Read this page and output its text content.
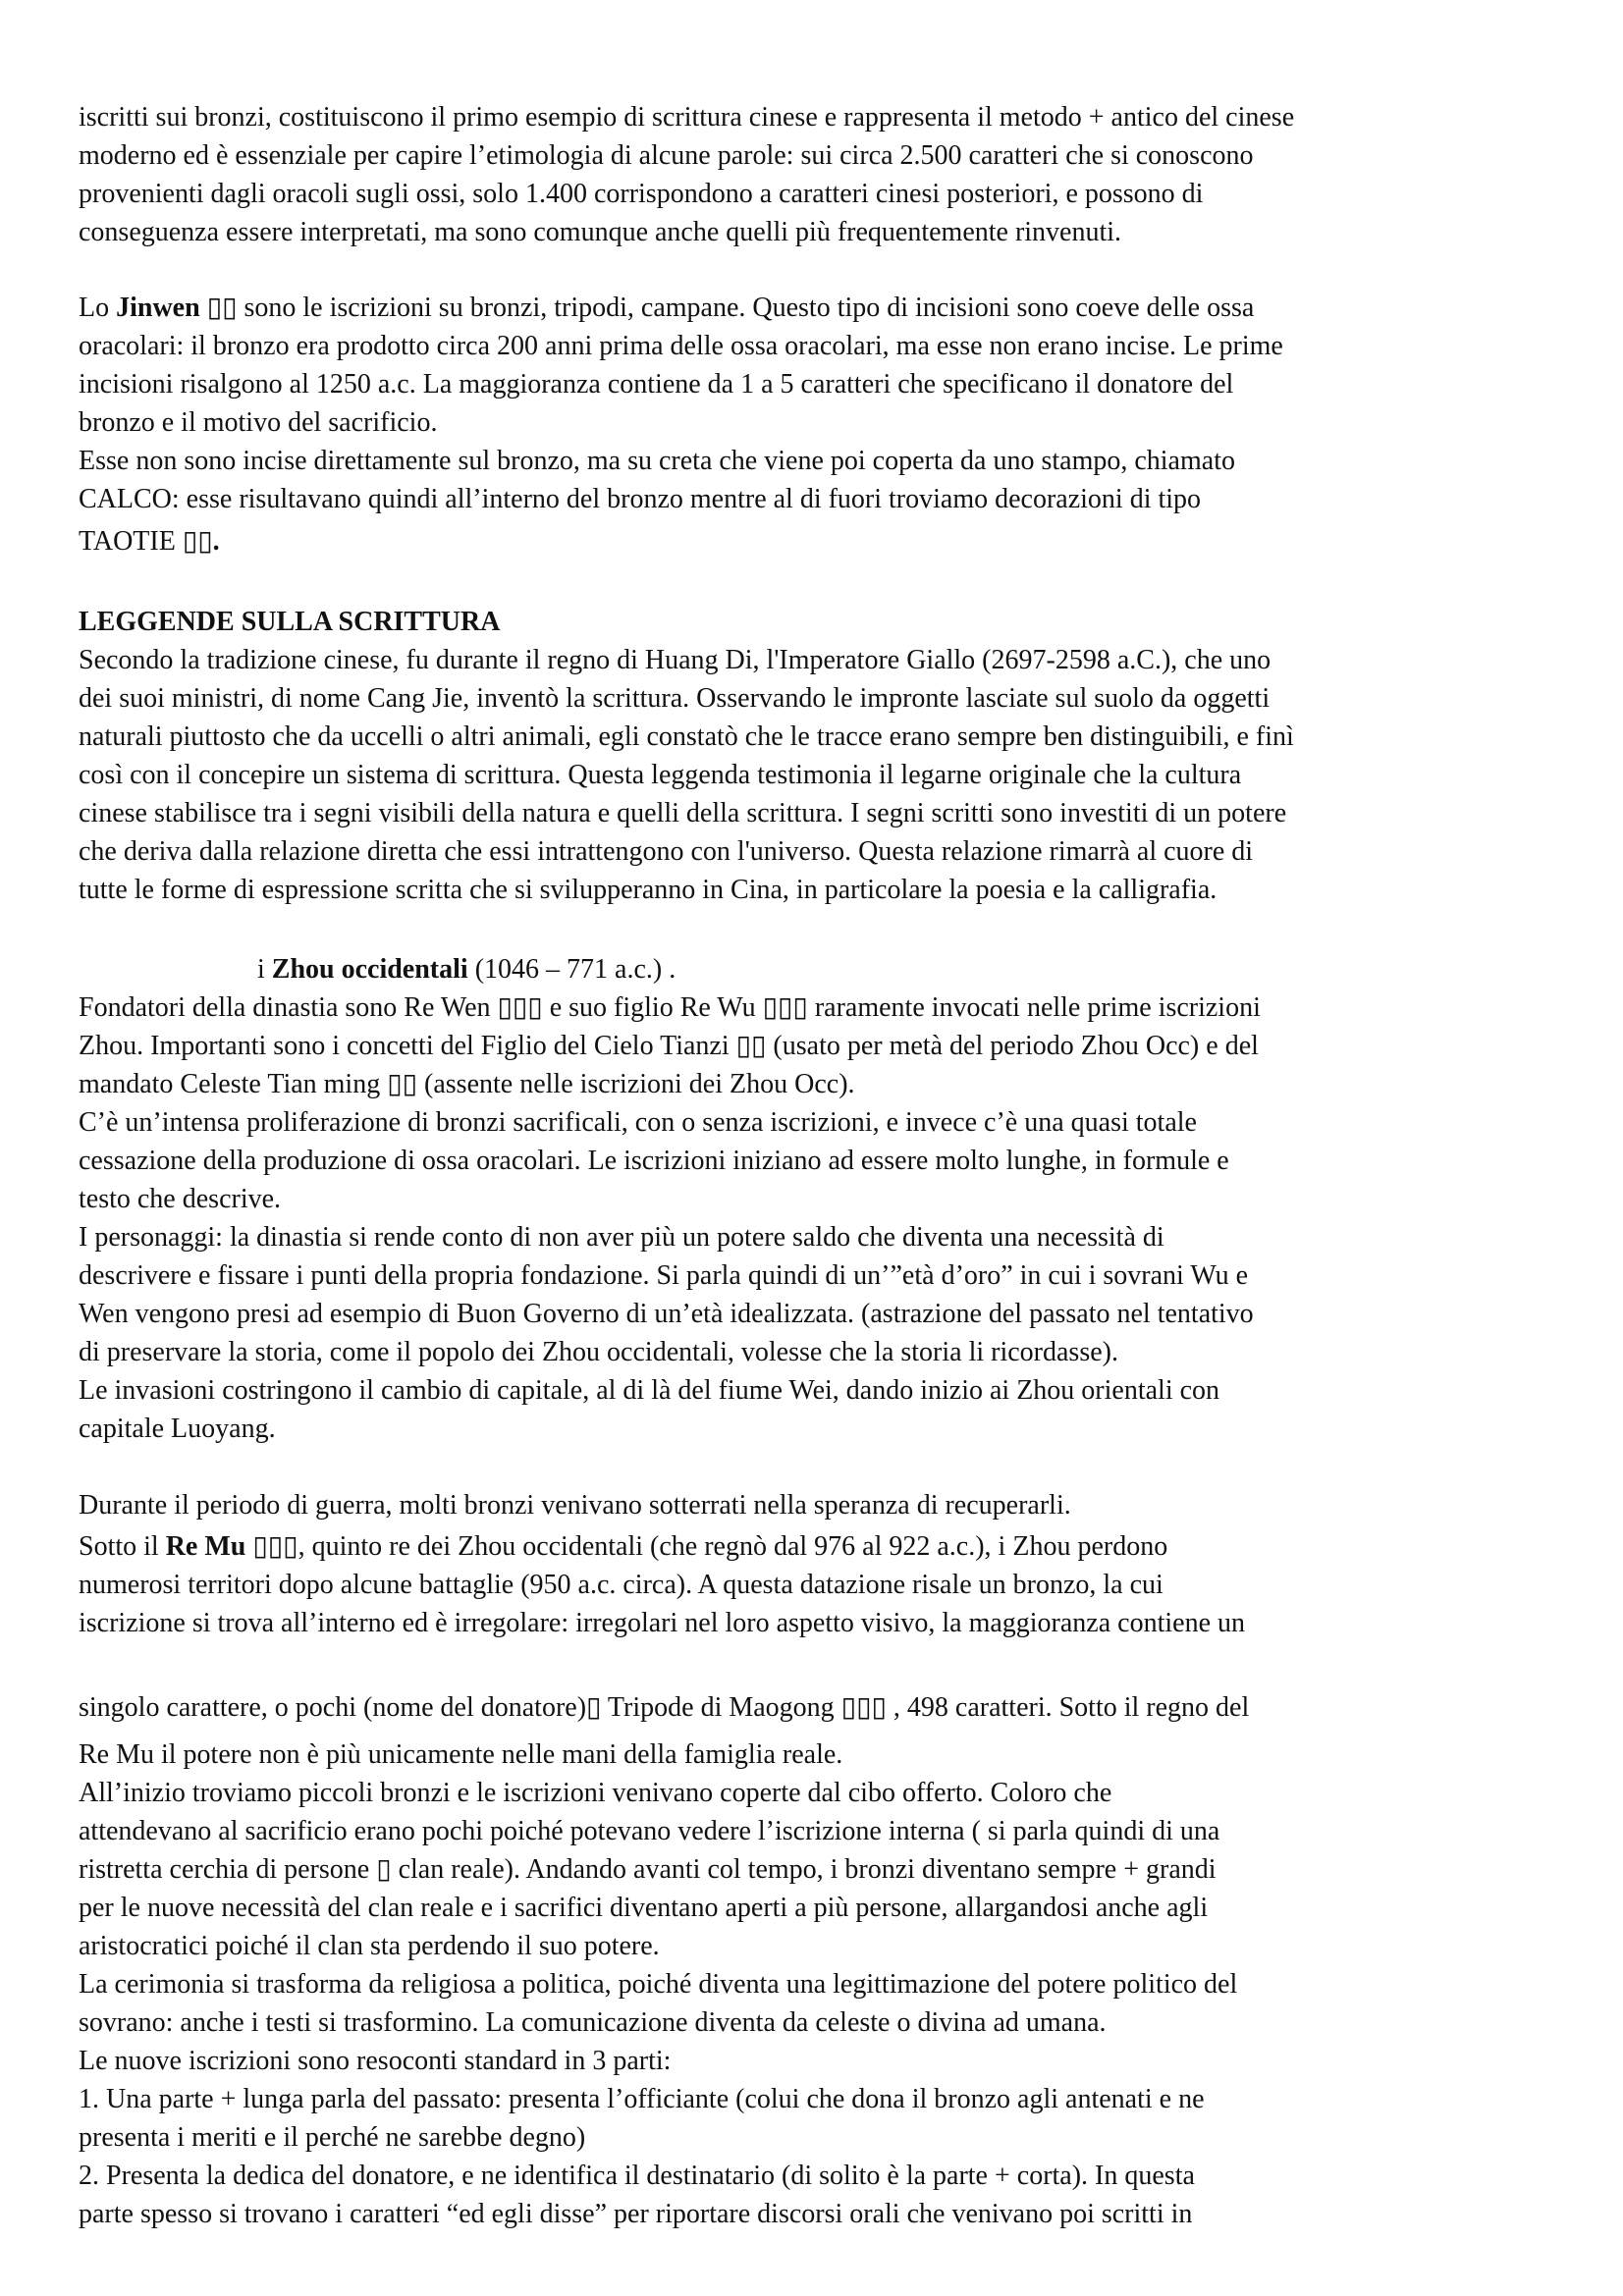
iscritti sui bronzi, costituiscono il primo esempio di scrittura cinese e rappresenta il metodo + antico del cinese
moderno ed è essenziale per capire l’etimologia di alcune parole: sui circa 2.500 caratteri che si conoscono
provenienti dagli oracoli sugli ossi, solo 1.400 corrispondono a caratteri cinesi posteriori, e possono di
conseguenza essere interpretati, ma sono comunque anche quelli più frequentemente rinvenuti.
Lo Jinwen ▯▯ sono le iscrizioni su bronzi, tripodi, campane. Questo tipo di incisioni sono coeve delle ossa
oracolari: il bronzo era prodotto circa 200 anni prima delle ossa oracolari, ma esse non erano incise. Le prime
incisioni risalgono al 1250 a.c. La maggioranza contiene da 1 a 5 caratteri che specificano il donatore del
bronzo e il motivo del sacrificio.
Esse non sono incise direttamente sul bronzo, ma su creta che viene poi coperta da uno stampo, chiamato
CALCO: esse risultavano quindi all’interno del bronzo mentre al di fuori troviamo decorazioni di tipo
TAOTIE ▯▯.
LEGGENDE SULLA SCRITTURA
Secondo la tradizione cinese, fu durante il regno di Huang Di, l'Imperatore Giallo (2697-2598 a.C.), che uno
dei suoi ministri, di nome Cang Jie, inventò la scrittura. Osservando le impronte lasciate sul suolo da oggetti
naturali piuttosto che da uccelli o altri animali, egli constatò che le tracce erano sempre ben distinguibili, e finì
così con il concepire un sistema di scrittura. Questa leggenda testimonia il legarne originale che la cultura
cinese stabilisce tra i segni visibili della natura e quelli della scrittura. I segni scritti sono investiti di un potere
che deriva dalla relazione diretta che essi intrattengono con l'universo. Questa relazione rimarrà al cuore di
tutte le forme di espressione scritta che si svilupperanno in Cina, in particolare la poesia e la calligrafia.
i Zhou occidentali (1046 – 771 a.c.) .
Fondatori della dinastia sono Re Wen ▯▯▯ e suo figlio Re Wu ▯▯▯ raramente invocati nelle prime iscrizioni
Zhou. Importanti sono i concetti del Figlio del Cielo Tianzi ▯▯ (usato per metà del periodo Zhou Occ) e del
mandato Celeste Tian ming ▯▯ (assente nelle iscrizioni dei Zhou Occ).
C’è un’intensa proliferazione di bronzi sacrificali, con o senza iscrizioni, e invece c’è una quasi totale
cessazione della produzione di ossa oracolari. Le iscrizioni iniziano ad essere molto lunghe, in formule e
testo che descrive.
I personaggi: la dinastia si rende conto di non aver più un potere saldo che diventa una necessità di
descrivere e fissare i punti della propria fondazione. Si parla quindi di un’”età d’oro” in cui i sovrani Wu e
Wen vengono presi ad esempio di Buon Governo di un’età idealizzata. (astrazione del passato nel tentativo
di preservare la storia, come il popolo dei Zhou occidentali, volesse che la storia li ricordasse).
Le invasioni costringono il cambio di capitale, al di là del fiume Wei, dando inizio ai Zhou orientali con
capitale Luoyang.
Durante il periodo di guerra, molti bronzi venivano sotterrati nella speranza di recuperarli.
Sotto il Re Mu ▯▯▯, quinto re dei Zhou occidentali (che regnò dal 976 al 922 a.c.), i Zhou perdono
numerosi territori dopo alcune battaglie (950 a.c. circa). A questa datazione risale un bronzo, la cui
iscrizione si trova all’interno ed è irregolare: irregolari nel loro aspetto visivo, la maggioranza contiene un
singolo carattere, o pochi (nome del donatore)▯ Tripode di Maogong ▯▯▯ , 498 caratteri. Sotto il regno del
Re Mu il potere non è più unicamente nelle mani della famiglia reale.
All’inizio troviamo piccoli bronzi e le iscrizioni venivano coperte dal cibo offerto. Coloro che
attendevano al sacrificio erano pochi poiché potevano vedere l’iscrizione interna ( si parla quindi di una
ristretta cerchia di persone ▯ clan reale). Andando avanti col tempo, i bronzi diventano sempre + grandi
per le nuove necessità del clan reale e i sacrifici diventano aperti a più persone, allargandosi anche agli
aristocratici poiché il clan sta perdendo il suo potere.
La cerimonia si trasforma da religiosa a politica, poiché diventa una legittimazione del potere politico del
sovrano: anche i testi si trasformino. La comunicazione diventa da celeste o divina ad umana.
Le nuove iscrizioni sono resoconti standard in 3 parti:
1. Una parte + lunga parla del passato: presenta l’officiante (colui che dona il bronzo agli antenati e ne
presenta i meriti e il perché ne sarebbe degno)
2. Presenta la dedica del donatore, e ne identifica il destinatario (di solito è la parte + corta). In questa
parte spesso si trovano i caratteri “ed egli disse” per riportare discorsi orali che venivano poi scritti in
